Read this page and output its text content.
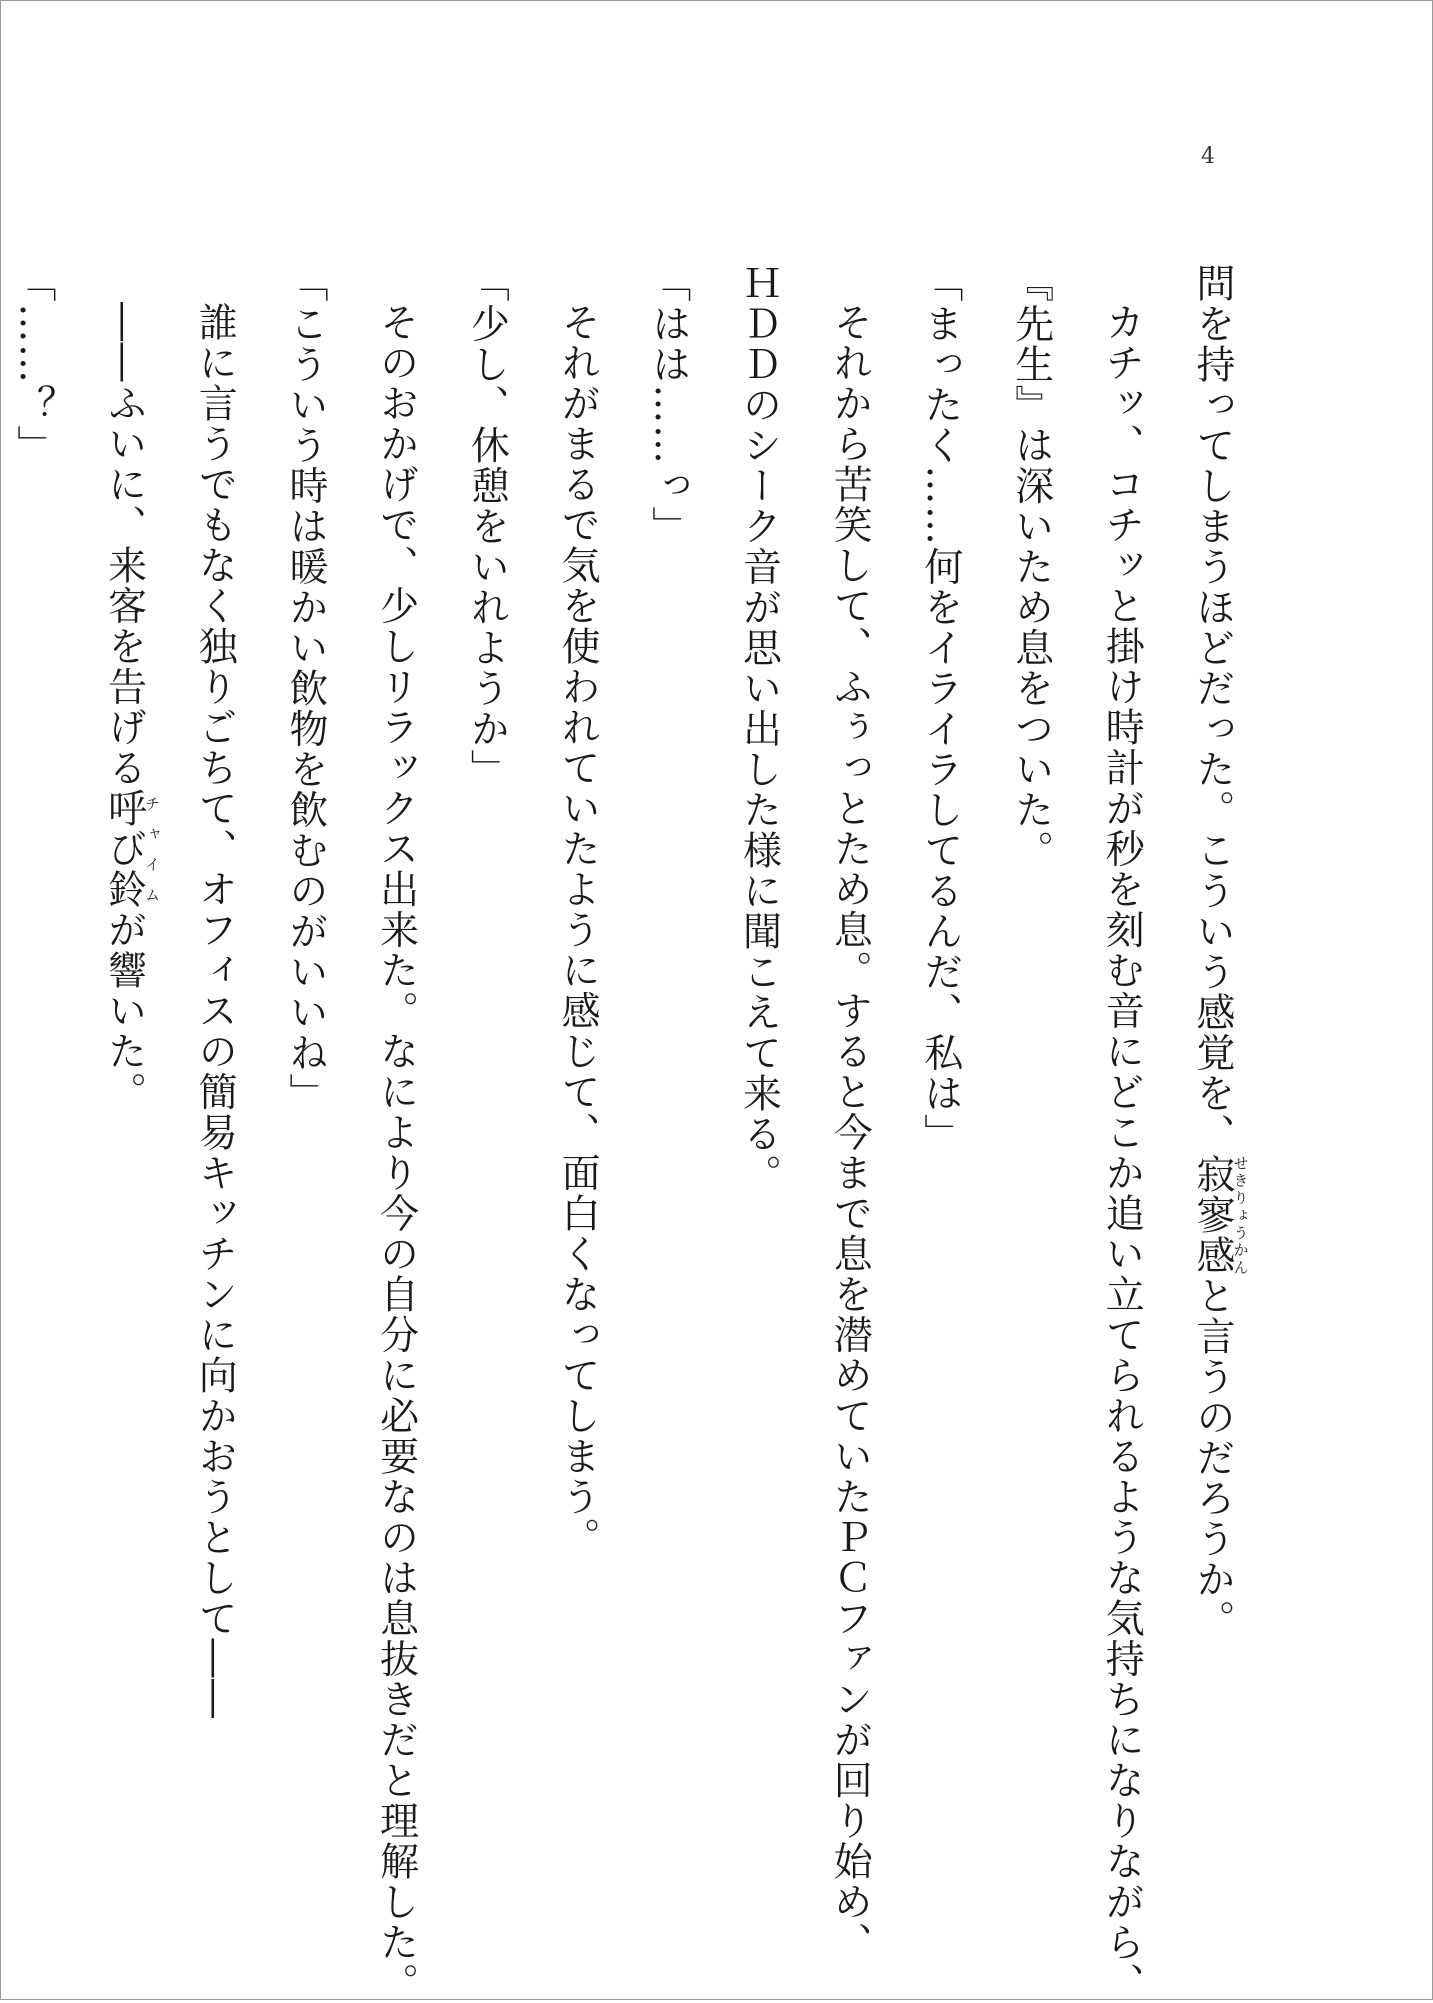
4
問を持ってしまうほどだった。こういう感覚を、寂寥感せきりょうかんと言うのだろうか。
カチッ、コチッと掛け時計が秒を刻む音にどこか追い立てられるような気持ちになりながら、
『先生』は深いため息をついた。
「まったく……何をイライラしてるんだ、私は」
それから苦笑して、ふぅっとため息。すると今まで息を潜めていたＰＣファンが回り始め、
ＨＤＤのシーク音が思い出した様に聞こえて来る。
「はは……っ」
それがまるで気を使われていたように感じて、面白くなってしまう。
「少し、休憩をいれようか」
そのおかげで、少しリラックス出来た。なにより今の自分に必要なのは息抜きだと理解した。
「こういう時は暖かい飲物を飲むのがいいね」
誰に言うでもなく独りごちて、オフィスの簡易キッチンに向かおうとして――
――ふいに、来客を告げる呼び鈴チャイムが響いた。
「……？」
